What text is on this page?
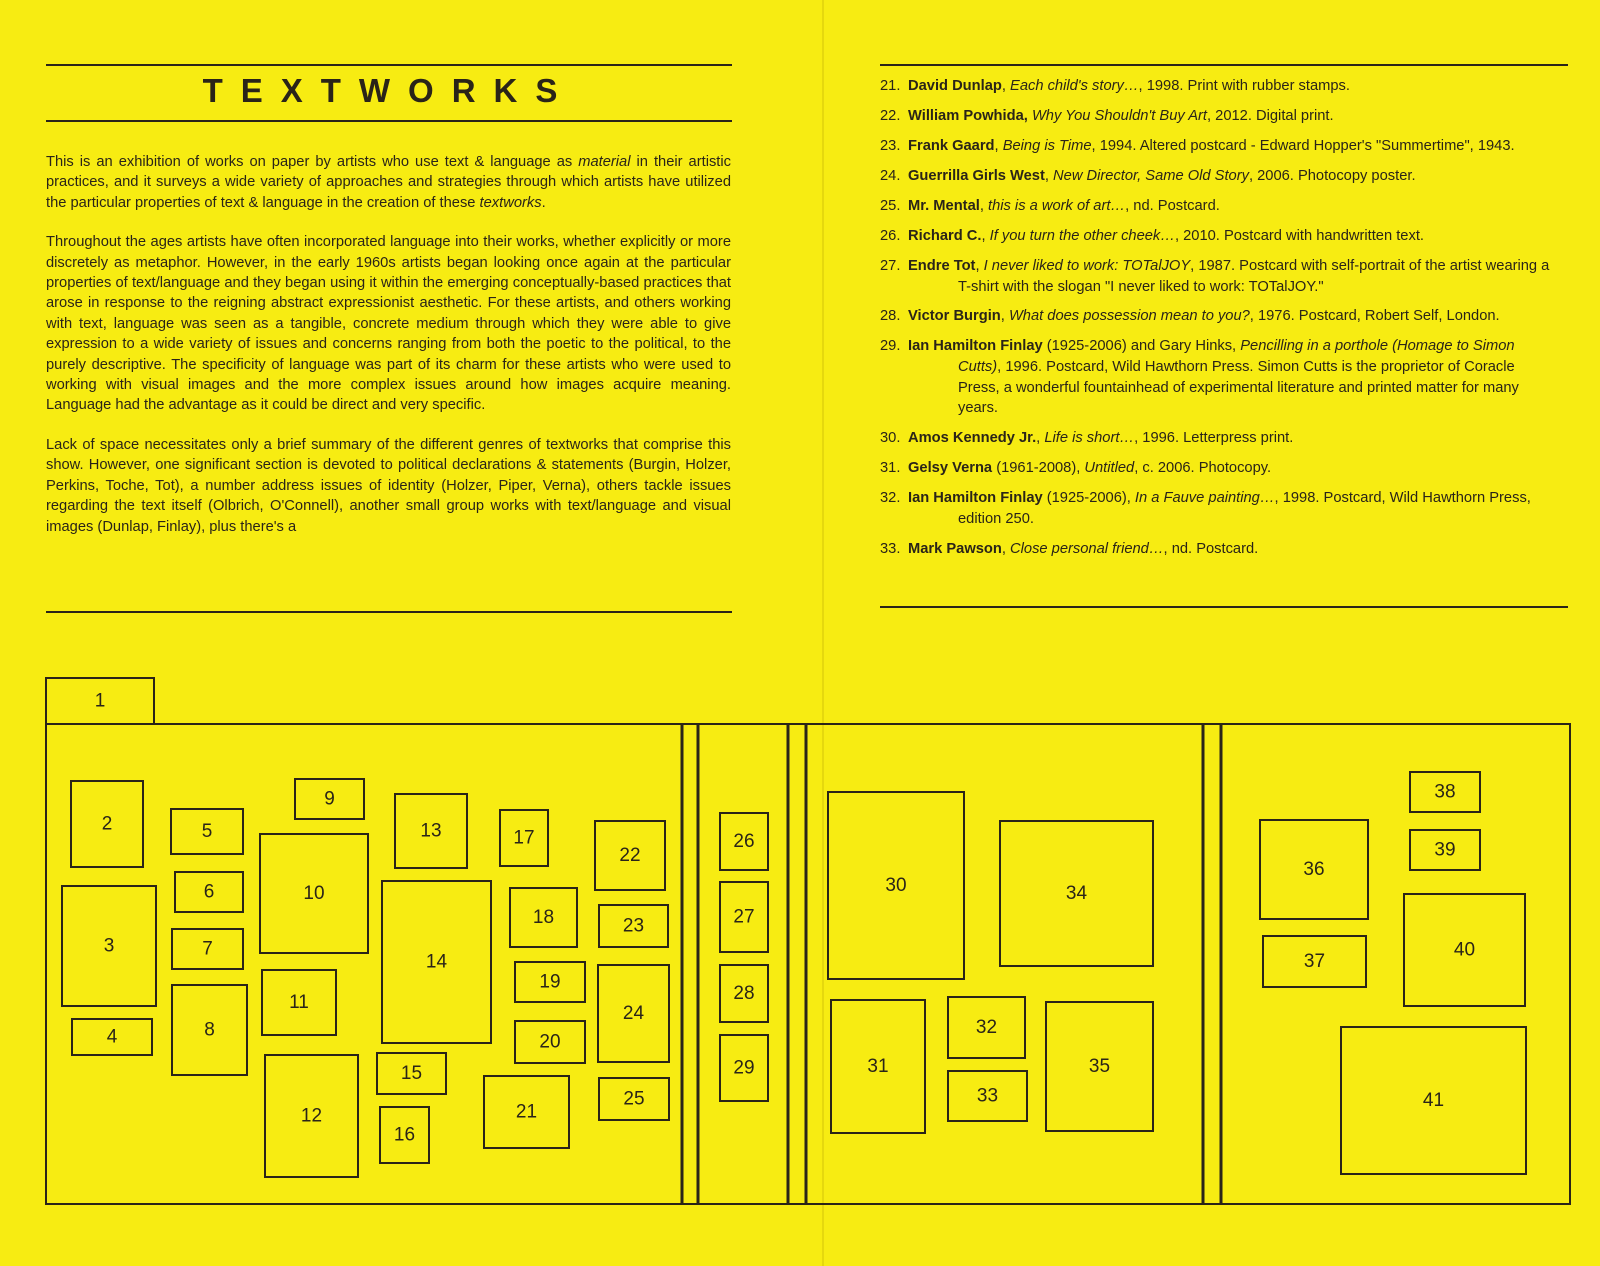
TEXTWORKS

This is an exhibition of works on paper by artists who use text & language as material in their artistic practices, and it surveys a wide variety of approaches and strategies through which artists have utilized the particular properties of text & language in the creation of these textworks.

Throughout the ages artists have often incorporated language into their works, whether explicitly or more discretely as metaphor. However, in the early 1960s artists began looking once again at the particular properties of text/language and they began using it within the emerging conceptually-based practices that arose in response to the reigning abstract expressionist aesthetic. For these artists, and others working with text, language was seen as a tangible, concrete medium through which they were able to give expression to a wide variety of issues and concerns ranging from both the poetic to the political, to the purely descriptive. The specificity of language was part of its charm for these artists who were used to working with visual images and the more complex issues around how images acquire meaning. Language had the advantage as it could be direct and very specific.

Lack of space necessitates only a brief summary of the different genres of textworks that comprise this show. However, one significant section is devoted to political declarations & statements (Burgin, Holzer, Perkins, Toche, Tot), a number address issues of identity (Holzer, Piper, Verna), others tackle issues regarding the text itself (Olbrich, O'Connell), another small group works with text/language and visual images (Dunlap, Finlay), plus there's a

21. David Dunlap, Each child's story…, 1998. Print with rubber stamps.
22. William Powhida, Why You Shouldn't Buy Art, 2012. Digital print.
23. Frank Gaard, Being is Time, 1994. Altered postcard - Edward Hopper's "Summertime", 1943.
24. Guerrilla Girls West, New Director, Same Old Story, 2006. Photocopy poster.
25. Mr. Mental, this is a work of art…, nd. Postcard.
26. Richard C., If you turn the other cheek…, 2010. Postcard with handwritten text.
27. Endre Tot, I never liked to work: TOTalJOY, 1987. Postcard with self-portrait of the artist wearing a T-shirt with the slogan "I never liked to work: TOTalJOY."
28. Victor Burgin, What does possession mean to you?, 1976. Postcard, Robert Self, London.
29. Ian Hamilton Finlay (1925-2006) and Gary Hinks, Pencilling in a porthole (Homage to Simon Cutts), 1996. Postcard, Wild Hawthorn Press. Simon Cutts is the proprietor of Coracle Press, a wonderful fountainhead of experimental literature and printed matter for many years.
30. Amos Kennedy Jr., Life is short…, 1996. Letterpress print.
31. Gelsy Verna (1961-2008), Untitled, c. 2006. Photocopy.
32. Ian Hamilton Finlay (1925-2006), In a Fauve painting…, 1998. Postcard, Wild Hawthorn Press, edition 250.
33. Mark Pawson, Close personal friend…, nd. Postcard.
1
2
3
4
5
6
7
8
9
10
11
12
13
14
15
16
17
18
19
20
21
22
23
24
25
26
27
28
29
30
31
32
33
34
35
36
37
38
39
40
41
